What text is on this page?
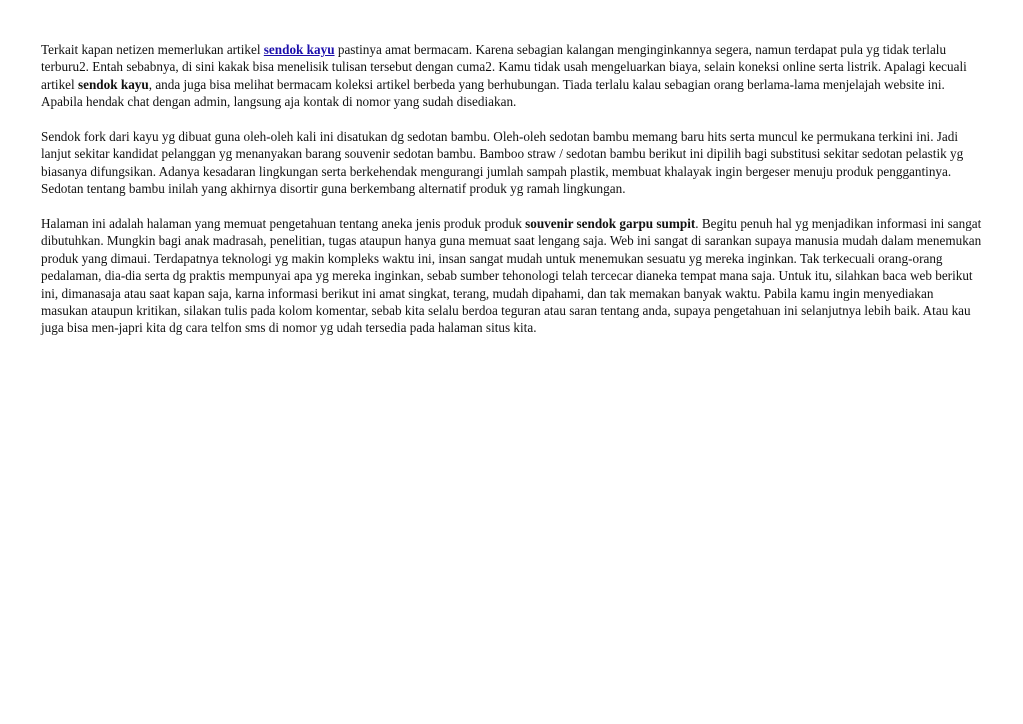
Terkait kapan netizen memerlukan artikel sendok kayu pastinya amat bermacam. Karena sebagian kalangan menginginkannya segera, namun terdapat pula yg tidak terlalu terburu2. Entah sebabnya, di sini kakak bisa menelisik tulisan tersebut dengan cuma2. Kamu tidak usah mengeluarkan biaya, selain koneksi online serta listrik. Apalagi kecuali artikel sendok kayu, anda juga bisa melihat bermacam koleksi artikel berbeda yang berhubungan. Tiada terlalu kalau sebagian orang berlama-lama menjelajah website ini. Apabila hendak chat dengan admin, langsung aja kontak di nomor yang sudah disediakan.

Sendok fork dari kayu yg dibuat guna oleh-oleh kali ini disatukan dg sedotan bambu. Oleh-oleh sedotan bambu memang baru hits serta muncul ke permukana terkini ini. Jadi lanjut sekitar kandidat pelanggan yg menanyakan barang souvenir sedotan bambu. Bamboo straw / sedotan bambu berikut ini dipilih bagi substitusi sekitar sedotan pelastik yg biasanya difungsikan. Adanya kesadaran lingkungan serta berkehendak mengurangi jumlah sampah plastik, membuat khalayak ingin bergeser menuju produk penggantinya. Sedotan tentang bambu inilah yang akhirnya disortir guna berkembang alternatif produk yg ramah lingkungan.

Halaman ini adalah halaman yang memuat pengetahuan tentang aneka jenis produk produk souvenir sendok garpu sumpit. Begitu penuh hal yg menjadikan informasi ini sangat dibutuhkan. Mungkin bagi anak madrasah, penelitian, tugas ataupun hanya guna memuat saat lengang saja. Web ini sangat di sarankan supaya manusia mudah dalam menemukan produk yang dimaui. Terdapatnya teknologi yg makin kompleks waktu ini, insan sangat mudah untuk menemukan sesuatu yg mereka inginkan. Tak terkecuali orang-orang pedalaman, dia-dia serta dg praktis mempunyai apa yg mereka inginkan, sebab sumber tehonologi telah tercecar dianeka tempat mana saja. Untuk itu, silahkan baca web berikut ini, dimanasaja atau saat kapan saja, karna informasi berikut ini amat singkat, terang, mudah dipahami, dan tak memakan banyak waktu. Pabila kamu ingin menyediakan masukan ataupun kritikan, silakan tulis pada kolom komentar, sebab kita selalu berdoa teguran atau saran tentang anda, supaya pengetahuan ini selanjutnya lebih baik. Atau kau juga bisa men-japri kita dg cara telfon sms di nomor yg udah tersedia pada halaman situs kita.
